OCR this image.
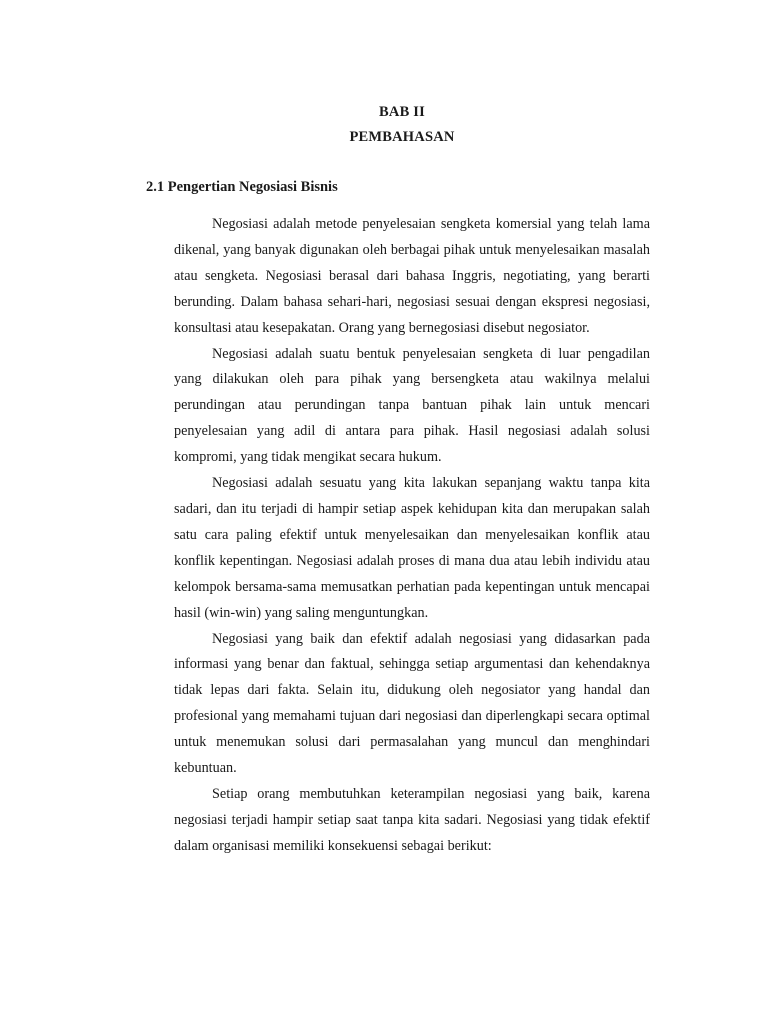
BAB II
PEMBAHASAN
2.1 Pengertian Negosiasi Bisnis

Negosiasi adalah metode penyelesaian sengketa komersial yang telah lama dikenal, yang banyak digunakan oleh berbagai pihak untuk menyelesaikan masalah atau sengketa. Negosiasi berasal dari bahasa Inggris, negotiating, yang berarti berunding. Dalam bahasa sehari-hari, negosiasi sesuai dengan ekspresi negosiasi, konsultasi atau kesepakatan. Orang yang bernegosiasi disebut negosiator.

Negosiasi adalah suatu bentuk penyelesaian sengketa di luar pengadilan yang dilakukan oleh para pihak yang bersengketa atau wakilnya melalui perundingan atau perundingan tanpa bantuan pihak lain untuk mencari penyelesaian yang adil di antara para pihak. Hasil negosiasi adalah solusi kompromi, yang tidak mengikat secara hukum.

Negosiasi adalah sesuatu yang kita lakukan sepanjang waktu tanpa kita sadari, dan itu terjadi di hampir setiap aspek kehidupan kita dan merupakan salah satu cara paling efektif untuk menyelesaikan dan menyelesaikan konflik atau konflik kepentingan. Negosiasi adalah proses di mana dua atau lebih individu atau kelompok bersama-sama memusatkan perhatian pada kepentingan untuk mencapai hasil (win-win) yang saling menguntungkan.

Negosiasi yang baik dan efektif adalah negosiasi yang didasarkan pada informasi yang benar dan faktual, sehingga setiap argumentasi dan kehendaknya tidak lepas dari fakta. Selain itu, didukung oleh negosiator yang handal dan profesional yang memahami tujuan dari negosiasi dan diperlengkapi secara optimal untuk menemukan solusi dari permasalahan yang muncul dan menghindari kebuntuan.

Setiap orang membutuhkan keterampilan negosiasi yang baik, karena negosiasi terjadi hampir setiap saat tanpa kita sadari. Negosiasi yang tidak efektif dalam organisasi memiliki konsekuensi sebagai berikut:
